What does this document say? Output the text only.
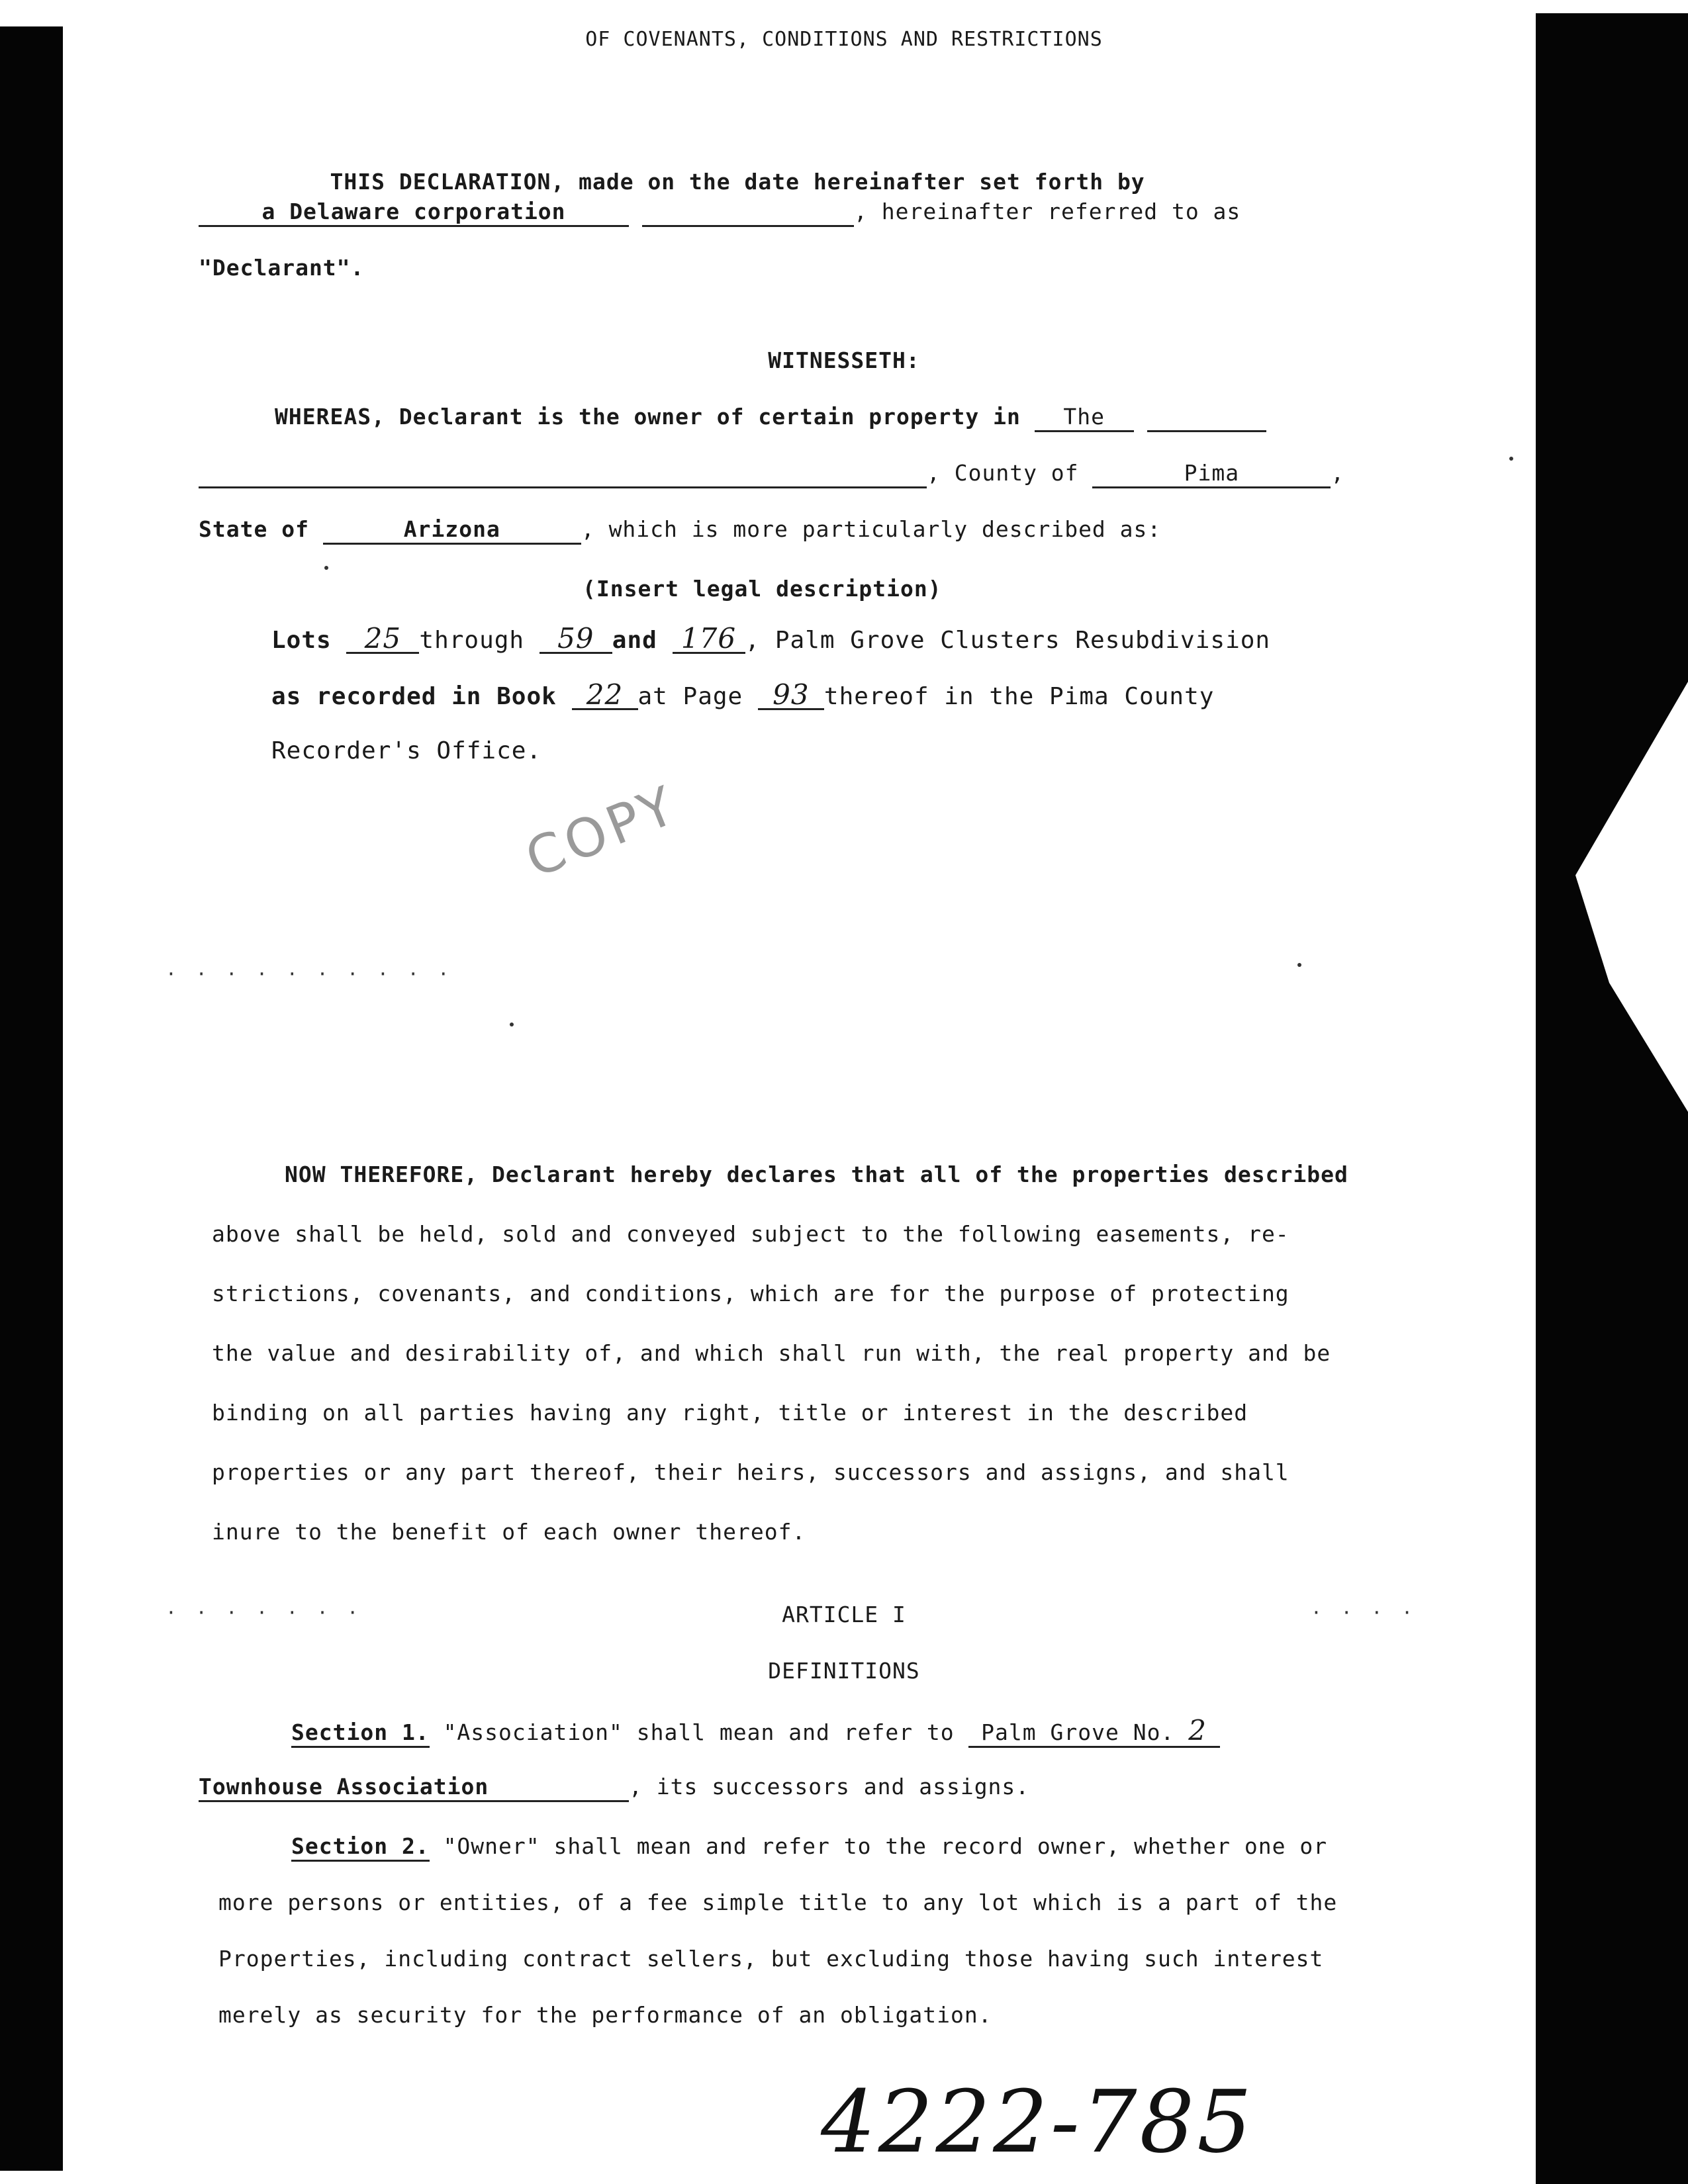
OF COVENANTS, CONDITIONS AND RESTRICTIONS

THIS DECLARATION, made on the date hereinafter set forth by

a Delaware corporation	, hereinafter referred to as
"Declarant".
WITNESSETH:
WHEREAS, Declarant is the owner of certain property in The
, County of	Pima	,
State of	Arizona	, which is more particularly described as:
(Insert legal description)
Lots 25 through 59 and 176 , Palm Grove Clusters Resubdivision
as recorded in Book 22 at Page 93 thereof in the Pima County
Recorder's Office.
COPY
· · · · · · · · · ·
· · · · · · ·	· · · ·
NOW THEREFORE, Declarant hereby declares that all of the properties described
above shall be held, sold and conveyed subject to the following easements, re-
strictions, covenants, and conditions, which are for the purpose of protecting
the value and desirability of, and which shall run with, the real property and be
binding on all parties having any right, title or interest in the described
properties or any part thereof, their heirs, successors and assigns, and shall
inure to the benefit of each owner thereof.
ARTICLE I
DEFINITIONS
Section 1. "Association" shall mean and refer to Palm Grove No. 2
Townhouse Association	, its successors and assigns.
Section 2. "Owner" shall mean and refer to the record owner, whether one or
more persons or entities, of a fee simple title to any lot which is a part of the
Properties, including contract sellers, but excluding those having such interest
merely as security for the performance of an obligation.
4222-785
